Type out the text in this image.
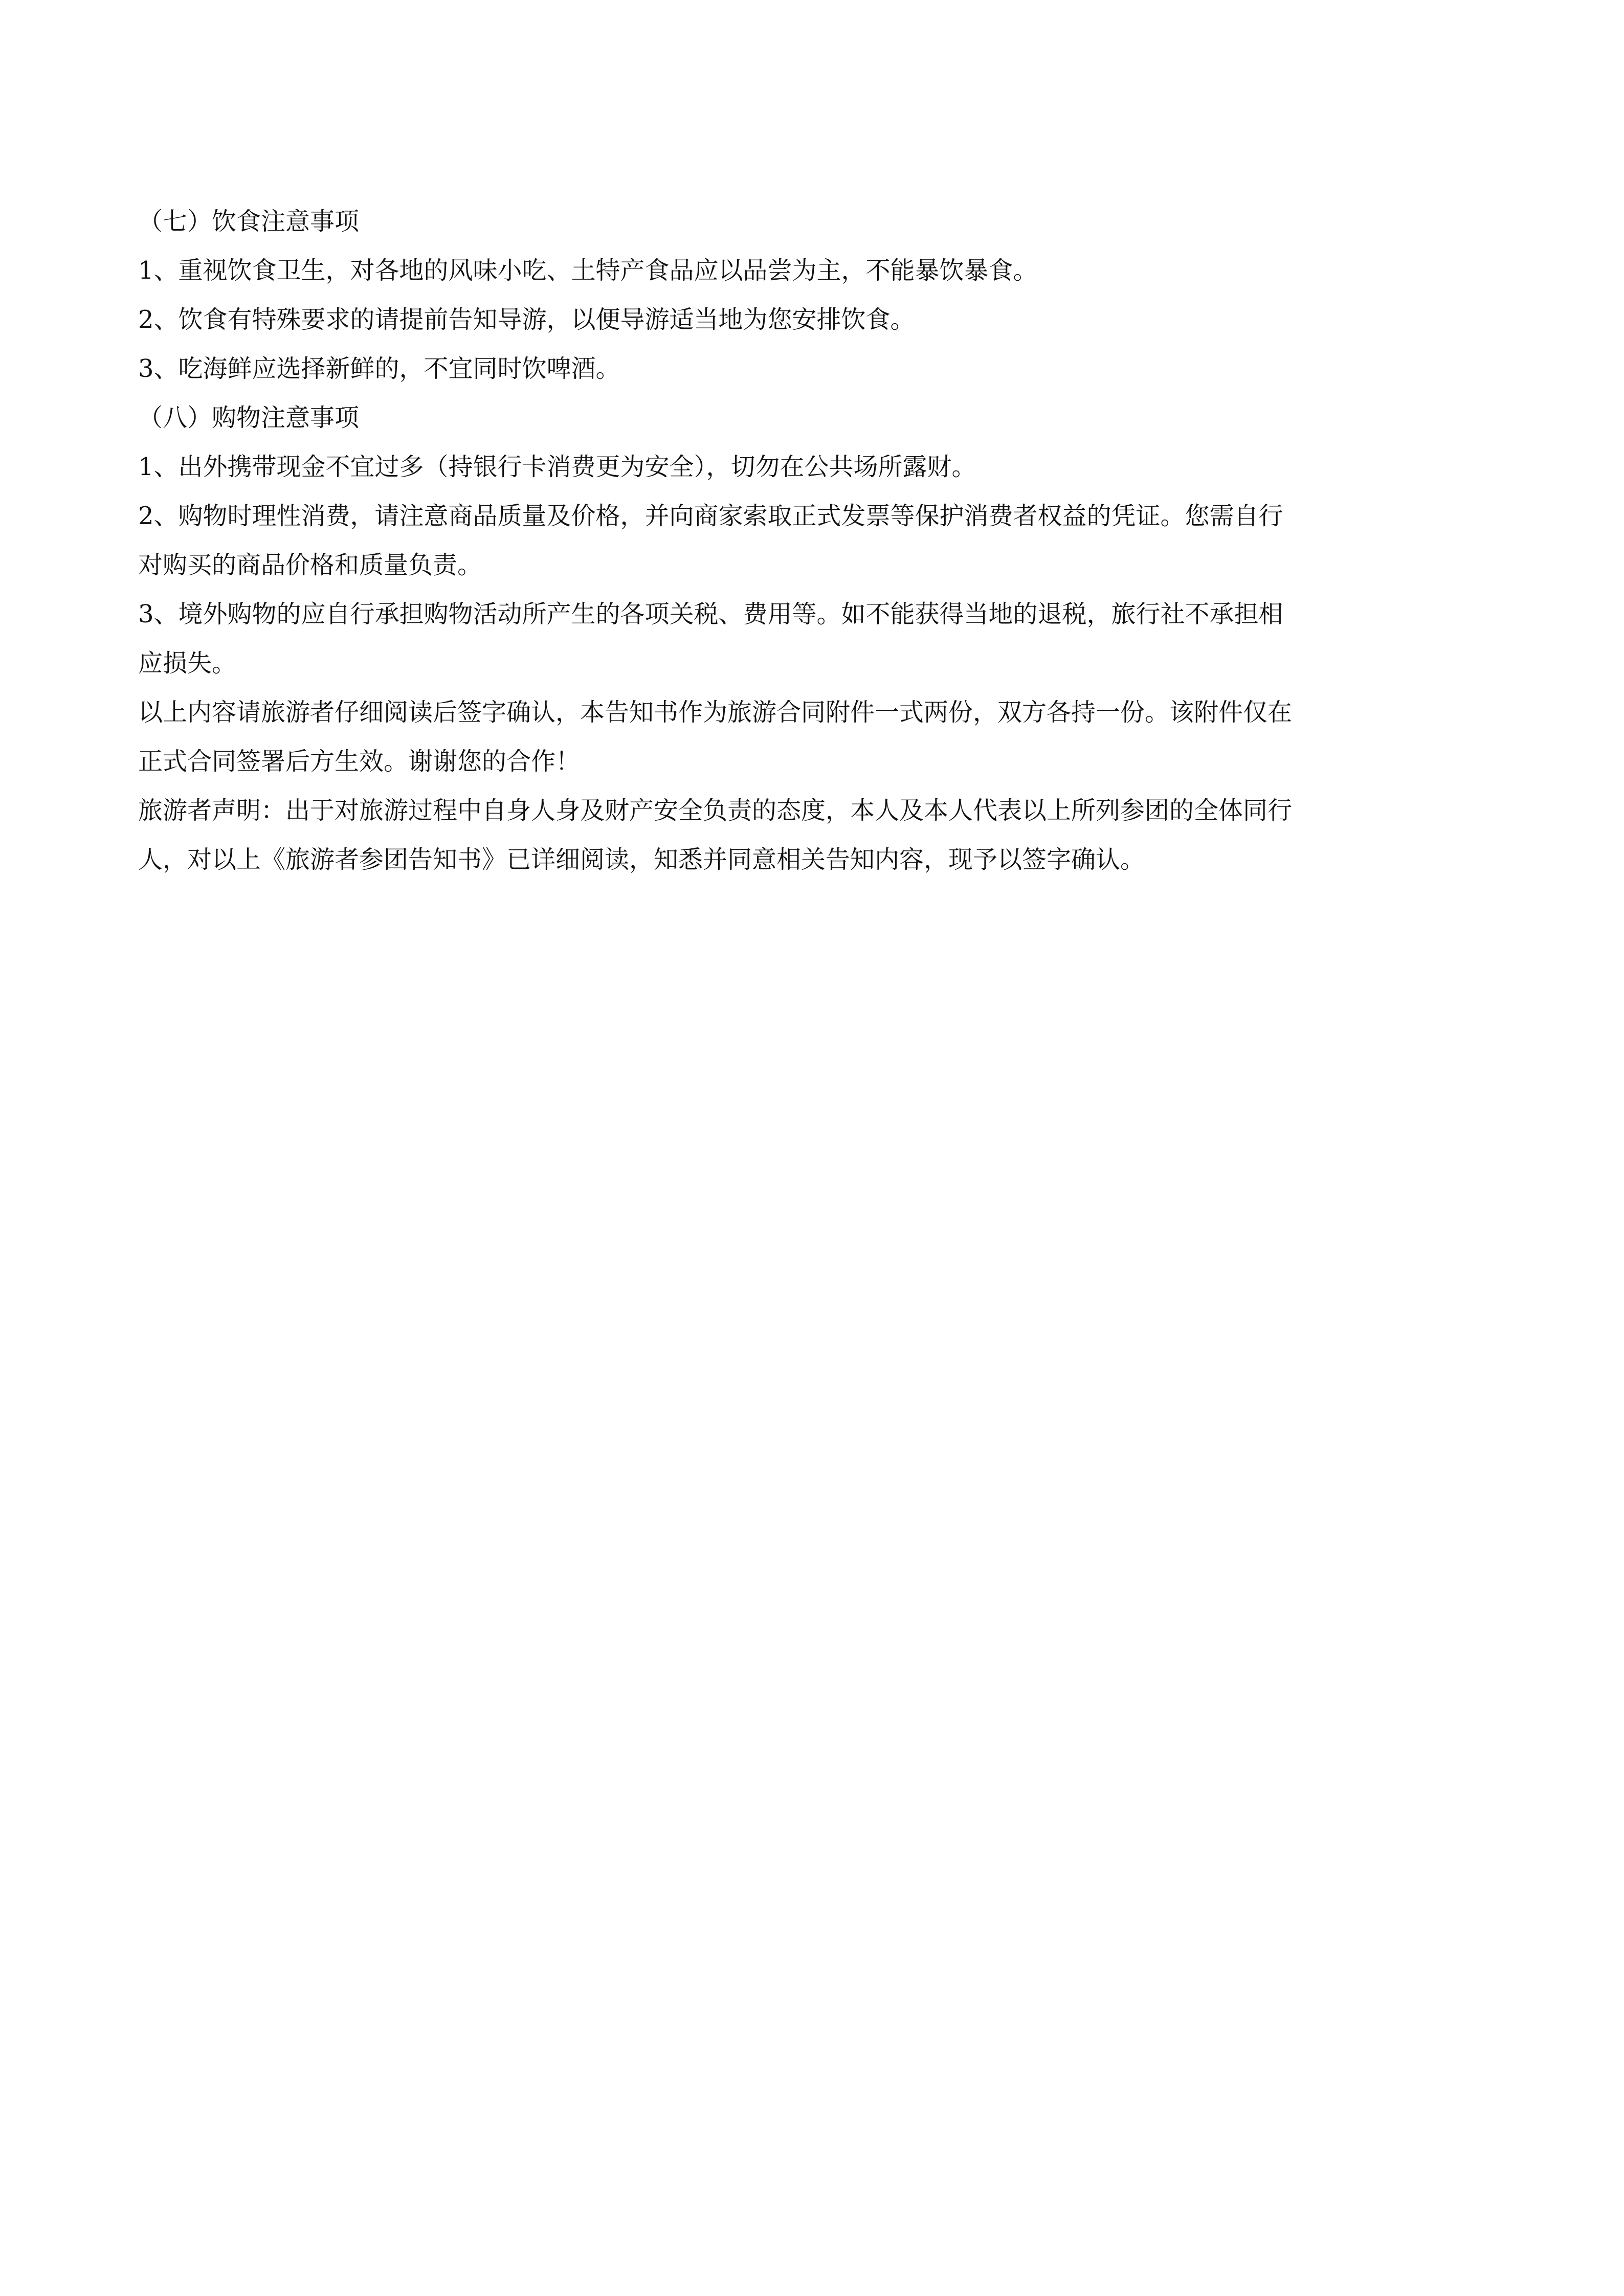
（七）饮食注意事项
1、重视饮食卫生，对各地的风味小吃、土特产食品应以品尝为主，不能暴饮暴食。
2、饮食有特殊要求的请提前告知导游，以便导游适当地为您安排饮食。
3、吃海鲜应选择新鲜的，不宜同时饮啤酒。
（八）购物注意事项
1、出外携带现金不宜过多（持银行卡消费更为安全），切勿在公共场所露财。
2、购物时理性消费，请注意商品质量及价格，并向商家索取正式发票等保护消费者权益的凭证。您需自行
对购买的商品价格和质量负责。
3、境外购物的应自行承担购物活动所产生的各项关税、费用等。如不能获得当地的退税，旅行社不承担相
应损失。
以上内容请旅游者仔细阅读后签字确认，本告知书作为旅游合同附件一式两份，双方各持一份。该附件仅在
正式合同签署后方生效。谢谢您的合作！
旅游者声明：出于对旅游过程中自身人身及财产安全负责的态度，本人及本人代表以上所列参团的全体同行
人，对以上《旅游者参团告知书》已详细阅读，知悉并同意相关告知内容，现予以签字确认。
